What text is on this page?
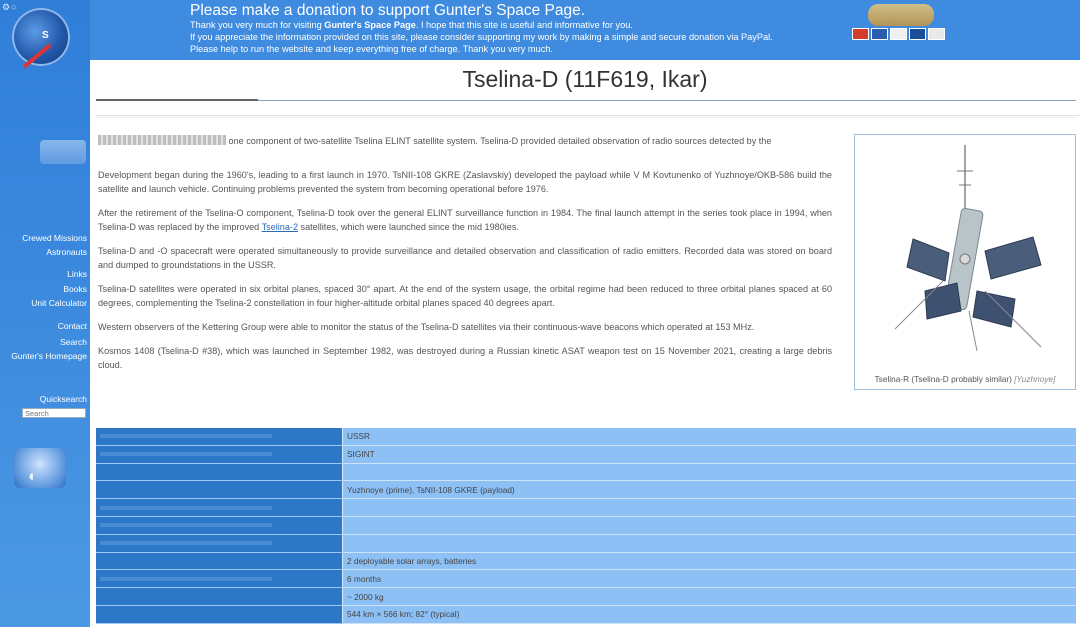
⚙ ○
S
Crewed Missions
Astronauts
Links
Books
Unit Calculator
Contact
Search
Gunter's Homepage
Quicksearch
Search
◐
Please make a donation to support Gunter's Space Page.
Thank you very much for visiting Gunter's Space Page. I hope that this site is useful and informative for you.
If you appreciate the information provided on this site, please consider supporting my work by making a simple and secure donation via PayPal.
Please help to run the website and keep everything free of charge. Thank you very much.
Tselina-D (11F619, Ikar)

one component of two-satellite Tselina ELINT satellite system. Tselina-D provided detailed observation of radio sources detected by the

Development began during the 1960's, leading to a first launch in 1970. TsNII-108 GKRE (Zaslavskiy) developed the payload while V M Kovtunenko of Yuzhnoye/OKB-586 build the satellite and launch vehicle. Continuing problems prevented the system from becoming operational before 1976.

After the retirement of the Tselina-O component, Tselina-D took over the general ELINT surveillance function in 1984. The final launch attempt in the series took place in 1994, when Tselina-D was replaced by the improved Tselina-2 satellites, which were launched since the mid 1980ies.

Tselina-D and -O spacecraft were operated simultaneously to provide surveillance and detailed observation and classification of radio emitters. Recorded data was stored on board and dumped to groundstations in the USSR.

Tselina-D satellites were operated in six orbital planes, spaced 30° apart. At the end of the system usage, the orbital regime had been reduced to three orbital planes spaced at 60 degrees, complementing the Tselina-2 constellation in four higher-altitude orbital planes spaced 40 degrees apart.

Western observers of the Kettering Group were able to monitor the status of the Tselina-D satellites via their continuous-wave beacons which operated at 153 MHz.

Kosmos 1408 (Tselina-D #38), which was launched in September 1982, was destroyed during a Russian kinetic ASAT weapon test on 15 November 2021, creating a large debris cloud.

Tselina-R (Tselina-D probably similar) [Yuzhnoye]
	USSR

	SIGINT

	Yuzhnoye (prime), TsNII-108 GKRE (payload)

	2 deployable solar arrays, batteries

	6 months
	~ 2000 kg
	544 km × 566 km; 82° (typical)
